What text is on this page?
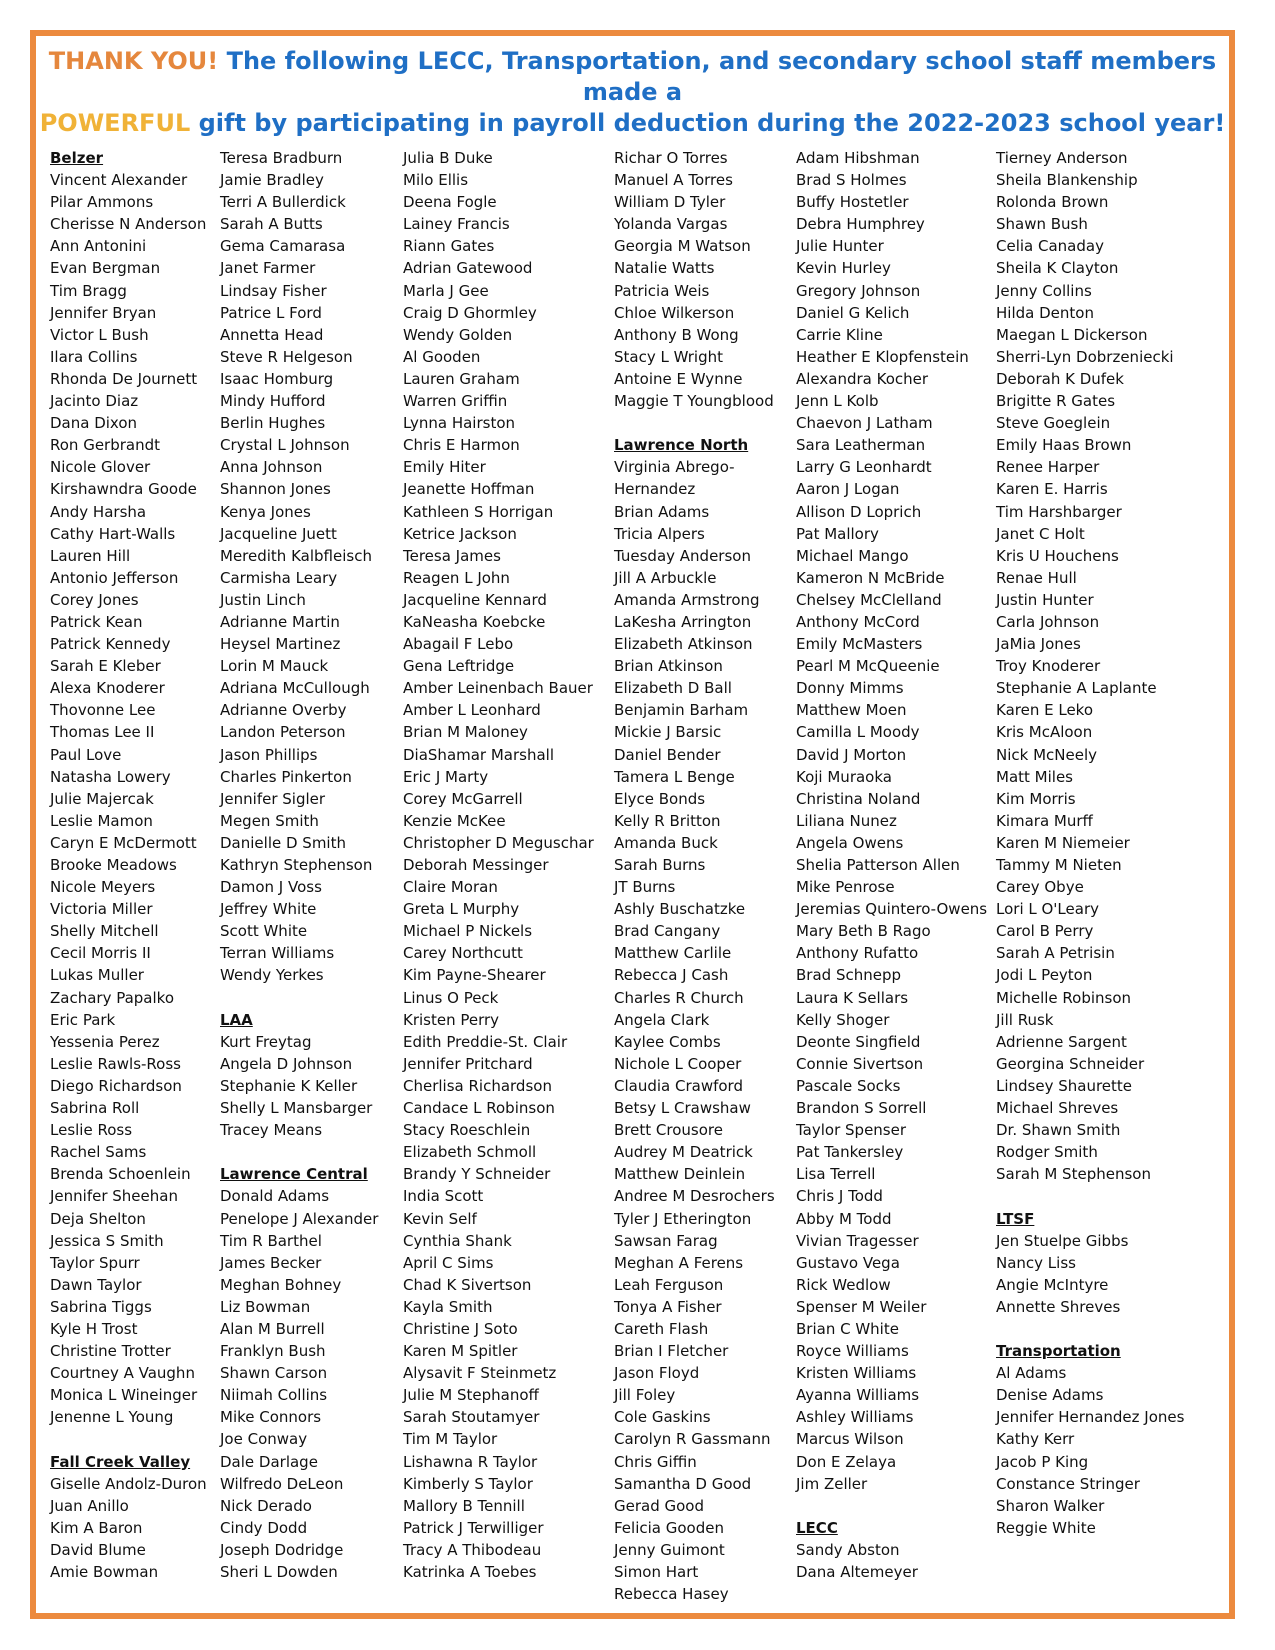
THANK YOU! The following LECC, Transportation, and secondary school staff members made a
POWERFUL gift by participating in payroll deduction during the 2022-2023 school year!
Belzer
Vincent Alexander
Pilar Ammons
Cherisse N Anderson
Ann Antonini
Evan Bergman
Tim Bragg
Jennifer Bryan
Victor L Bush
Ilara Collins
Rhonda De Journett
Jacinto Diaz
Dana Dixon
Ron Gerbrandt
Nicole Glover
Kirshawndra Goode
Andy Harsha
Cathy Hart-Walls
Lauren Hill
Antonio Jefferson
Corey Jones
Patrick Kean
Patrick Kennedy
Sarah E Kleber
Alexa Knoderer
Thovonne Lee
Thomas Lee II
Paul Love
Natasha Lowery
Julie Majercak
Leslie Mamon
Caryn E McDermott
Brooke Meadows
Nicole Meyers
Victoria Miller
Shelly Mitchell
Cecil Morris II
Lukas Muller
Zachary Papalko
Eric Park
Yessenia Perez
Leslie Rawls-Ross
Diego Richardson
Sabrina Roll
Leslie Ross
Rachel Sams
Brenda Schoenlein
Jennifer Sheehan
Deja Shelton
Jessica S Smith
Taylor Spurr
Dawn Taylor
Sabrina Tiggs
Kyle H Trost
Christine Trotter
Courtney A Vaughn
Monica L Wineinger
Jenenne L Young
Fall Creek Valley
Giselle Andolz-Duron
Juan Anillo
Kim A Baron
David Blume
Amie Bowman
Teresa Bradburn
Jamie Bradley
Terri A Bullerdick
Sarah A Butts
Gema Camarasa
Janet Farmer
Lindsay Fisher
Patrice L Ford
Annetta Head
Steve R Helgeson
Isaac Homburg
Mindy Hufford
Berlin Hughes
Crystal L Johnson
Anna Johnson
Shannon Jones
Kenya Jones
Jacqueline Juett
Meredith Kalbfleisch
Carmisha Leary
Justin Linch
Adrianne Martin
Heysel Martinez
Lorin M Mauck
Adriana McCullough
Adrianne Overby
Landon Peterson
Jason Phillips
Charles Pinkerton
Jennifer Sigler
Megen Smith
Danielle D Smith
Kathryn Stephenson
Damon J Voss
Jeffrey White
Scott White
Terran Williams
Wendy Yerkes
LAA
Kurt Freytag
Angela D Johnson
Stephanie K Keller
Shelly L Mansbarger
Tracey Means
Lawrence Central
Donald Adams
Penelope J Alexander
Tim R Barthel
James Becker
Meghan Bohney
Liz Bowman
Alan M Burrell
Franklyn Bush
Shawn Carson
Niimah Collins
Mike Connors
Joe Conway
Dale Darlage
Wilfredo DeLeon
Nick Derado
Cindy Dodd
Joseph Dodridge
Sheri L Dowden
Julia B Duke
Milo Ellis
Deena Fogle
Lainey Francis
Riann Gates
Adrian Gatewood
Marla J Gee
Craig D Ghormley
Wendy Golden
Al Gooden
Lauren Graham
Warren Griffin
Lynna Hairston
Chris E Harmon
Emily Hiter
Jeanette Hoffman
Kathleen S Horrigan
Ketrice Jackson
Teresa James
Reagen L John
Jacqueline Kennard
KaNeasha Koebcke
Abagail F Lebo
Gena Leftridge
Amber Leinenbach Bauer
Amber L Leonhard
Brian M Maloney
DiaShamar Marshall
Eric J Marty
Corey McGarrell
Kenzie McKee
Christopher D Meguschar
Deborah Messinger
Claire Moran
Greta L Murphy
Michael P Nickels
Carey Northcutt
Kim Payne-Shearer
Linus O Peck
Kristen Perry
Edith Preddie-St. Clair
Jennifer Pritchard
Cherlisa Richardson
Candace L Robinson
Stacy Roeschlein
Elizabeth Schmoll
Brandy Y Schneider
India Scott
Kevin Self
Cynthia Shank
April C Sims
Chad K Sivertson
Kayla Smith
Christine J Soto
Karen M Spitler
Alysavit F Steinmetz
Julie M Stephanoff
Sarah Stoutamyer
Tim M Taylor
Lishawna R Taylor
Kimberly S Taylor
Mallory B Tennill
Patrick J Terwilliger
Tracy A Thibodeau
Katrinka A Toebes
Richar O Torres
Manuel A Torres
William D Tyler
Yolanda Vargas
Georgia M Watson
Natalie Watts
Patricia Weis
Chloe Wilkerson
Anthony B Wong
Stacy L Wright
Antoine E Wynne
Maggie T Youngblood
Lawrence North
Virginia Abrego-
Hernandez
Brian Adams
Tricia Alpers
Tuesday Anderson
Jill A Arbuckle
Amanda Armstrong
LaKesha Arrington
Elizabeth Atkinson
Brian Atkinson
Elizabeth D Ball
Benjamin Barham
Mickie J Barsic
Daniel Bender
Tamera L Benge
Elyce Bonds
Kelly R Britton
Amanda Buck
Sarah Burns
JT Burns
Ashly Buschatzke
Brad Cangany
Matthew Carlile
Rebecca J Cash
Charles R Church
Angela Clark
Kaylee Combs
Nichole L Cooper
Claudia Crawford
Betsy L Crawshaw
Brett Crousore
Audrey M Deatrick
Matthew Deinlein
Andree M Desrochers
Tyler J Etherington
Sawsan Farag
Meghan A Ferens
Leah Ferguson
Tonya A Fisher
Careth Flash
Brian I Fletcher
Jason Floyd
Jill Foley
Cole Gaskins
Carolyn R Gassmann
Chris Giffin
Samantha D Good
Gerad Good
Felicia Gooden
Jenny Guimont
Simon Hart
Rebecca Hasey
Adam Hibshman
Brad S Holmes
Buffy Hostetler
Debra Humphrey
Julie Hunter
Kevin Hurley
Gregory Johnson
Daniel G Kelich
Carrie Kline
Heather E Klopfenstein
Alexandra Kocher
Jenn L Kolb
Chaevon J Latham
Sara Leatherman
Larry G Leonhardt
Aaron J Logan
Allison D Loprich
Pat Mallory
Michael Mango
Kameron N McBride
Chelsey McClelland
Anthony McCord
Emily McMasters
Pearl M McQueenie
Donny Mimms
Matthew Moen
Camilla L Moody
David J Morton
Koji Muraoka
Christina Noland
Liliana Nunez
Angela Owens
Shelia Patterson Allen
Mike Penrose
Jeremias Quintero-Owens
Mary Beth B Rago
Anthony Rufatto
Brad Schnepp
Laura K Sellars
Kelly Shoger
Deonte Singfield
Connie Sivertson
Pascale Socks
Brandon S Sorrell
Taylor Spenser
Pat Tankersley
Lisa Terrell
Chris J Todd
Abby M Todd
Vivian Tragesser
Gustavo Vega
Rick Wedlow
Spenser M Weiler
Brian C White
Royce Williams
Kristen Williams
Ayanna Williams
Ashley Williams
Marcus Wilson
Don E Zelaya
Jim Zeller
LECC
Sandy Abston
Dana Altemeyer
Tierney Anderson
Sheila Blankenship
Rolonda Brown
Shawn Bush
Celia Canaday
Sheila K Clayton
Jenny Collins
Hilda Denton
Maegan L Dickerson
Sherri-Lyn Dobrzeniecki
Deborah K Dufek
Brigitte R Gates
Steve Goeglein
Emily Haas Brown
Renee Harper
Karen E. Harris
Tim Harshbarger
Janet C Holt
Kris U Houchens
Renae Hull
Justin Hunter
Carla Johnson
JaMia Jones
Troy Knoderer
Stephanie A Laplante
Karen E Leko
Kris McAloon
Nick McNeely
Matt Miles
Kim Morris
Kimara Murff
Karen M Niemeier
Tammy M Nieten
Carey Obye
Lori L O'Leary
Carol B Perry
Sarah A Petrisin
Jodi L Peyton
Michelle Robinson
Jill Rusk
Adrienne Sargent
Georgina Schneider
Lindsey Shaurette
Michael Shreves
Dr. Shawn Smith
Rodger Smith
Sarah M Stephenson
LTSF
Jen Stuelpe Gibbs
Nancy Liss
Angie McIntyre
Annette Shreves
Transportation
Al Adams
Denise Adams
Jennifer Hernandez Jones
Kathy Kerr
Jacob P King
Constance Stringer
Sharon Walker
Reggie White
